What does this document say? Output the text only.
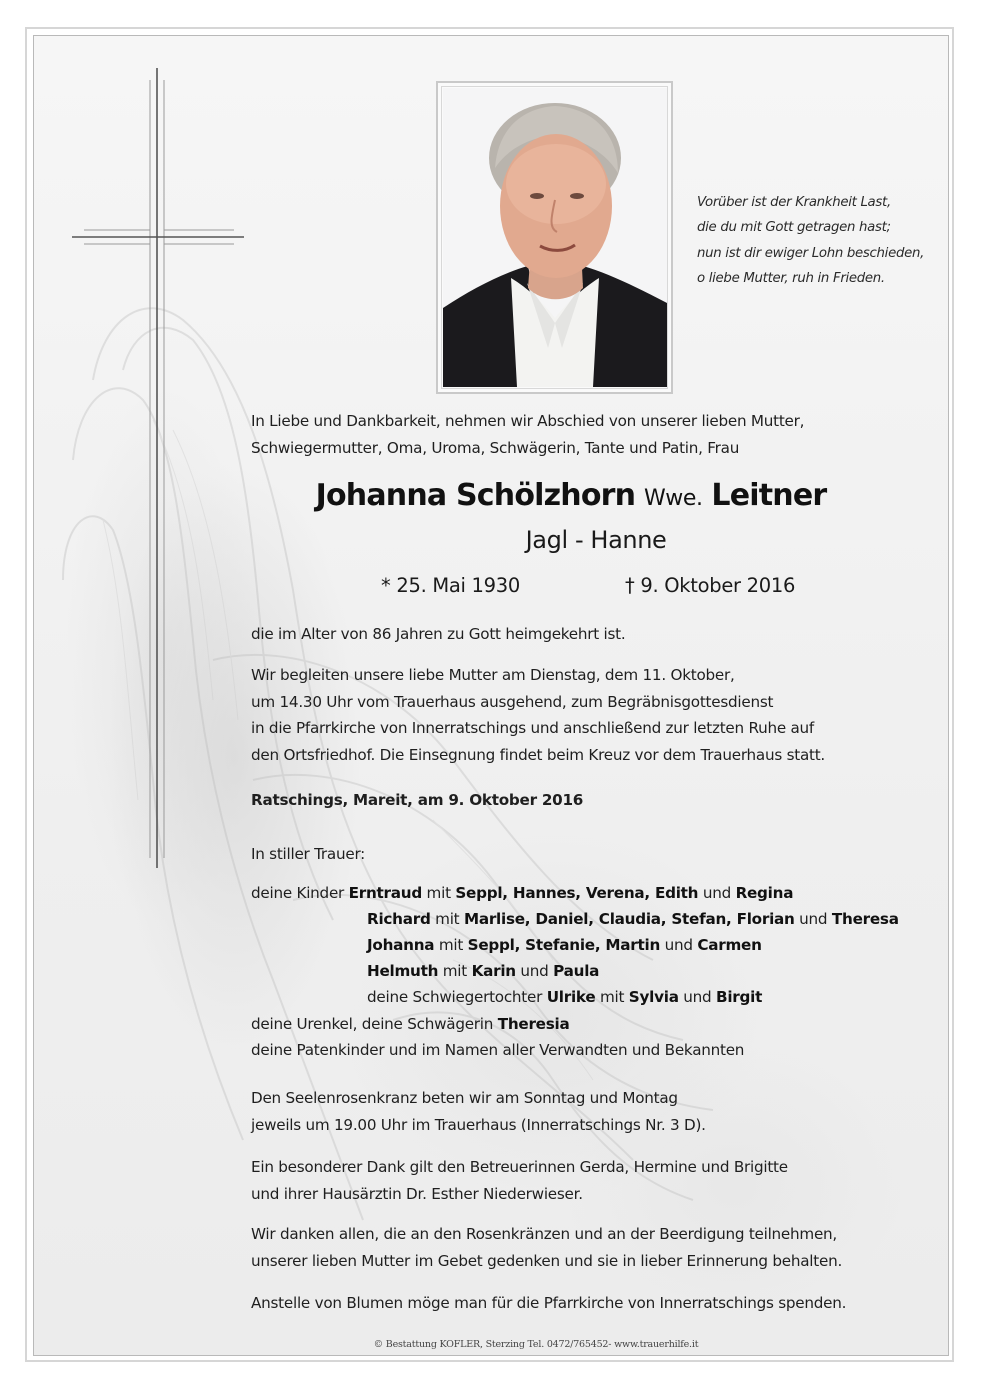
Vorüber ist der Krankheit Last,
die du mit Gott getragen hast;
nun ist dir ewiger Lohn beschieden,
o liebe Mutter, ruh in Frieden.
In Liebe und Dankbarkeit, nehmen wir Abschied von unserer lieben Mutter,
Schwiegermutter, Oma, Uroma, Schwägerin, Tante und Patin, Frau
Johanna Schölzhorn Wwe. Leitner
Jagl - Hanne
* 25. Mai 1930	† 9. Oktober 2016
die im Alter von 86 Jahren zu Gott heimgekehrt ist.
Wir begleiten unsere liebe Mutter am Dienstag, dem 11. Oktober,
um 14.30 Uhr vom Trauerhaus ausgehend, zum Begräbnisgottesdienst
in die Pfarrkirche von Innerratschings und anschließend zur letzten Ruhe auf
den Ortsfriedhof. Die Einsegnung findet beim Kreuz vor dem Trauerhaus statt.
Ratschings, Mareit, am 9. Oktober 2016
In stiller Trauer:
deine Kinder Erntraud mit Seppl, Hannes, Verena, Edith und Regina
Richard mit Marlise, Daniel, Claudia, Stefan, Florian und Theresa
Johanna mit Seppl, Stefanie, Martin und Carmen
Helmuth mit Karin und Paula
deine Schwiegertochter Ulrike mit Sylvia und Birgit
deine Urenkel, deine Schwägerin Theresia
deine Patenkinder und im Namen aller Verwandten und Bekannten
Den Seelenrosenkranz beten wir am Sonntag und Montag
jeweils um 19.00 Uhr im Trauerhaus (Innerratschings Nr. 3 D).
Ein besonderer Dank gilt den Betreuerinnen Gerda, Hermine und Brigitte
und ihrer Hausärztin Dr. Esther Niederwieser.
Wir danken allen, die an den Rosenkränzen und an der Beerdigung teilnehmen,
unserer lieben Mutter im Gebet gedenken und sie in lieber Erinnerung behalten.
Anstelle von Blumen möge man für die Pfarrkirche von Innerratschings spenden.
© Bestattung KOFLER, Sterzing Tel. 0472/765452- www.trauerhilfe.it
